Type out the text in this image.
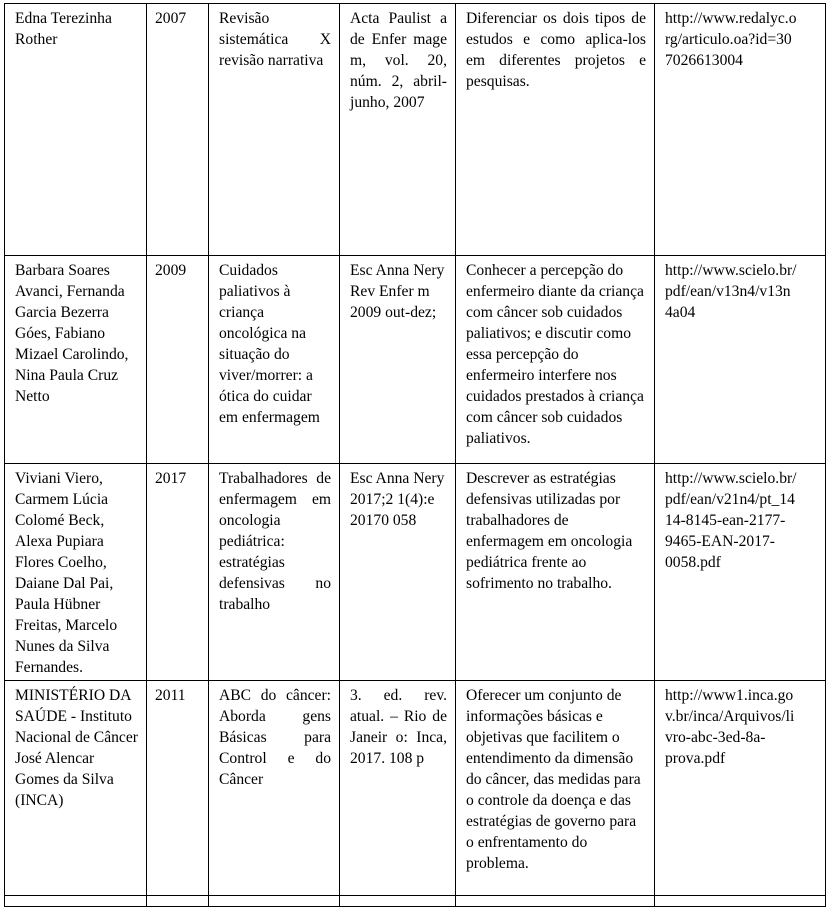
Edna Terezinha Rother	2007	Revisão sistemática X revisão narrativa	Acta Paulist a de Enfer mage m, vol. 20, núm. 2, abril-junho, 2007	Diferenciar os dois tipos de estudos e como aplica-los em diferentes projetos e pesquisas.	http://www.redalyc.o rg/articulo.oa?id=30 7026613004
Barbara Soares Avanci, Fernanda Garcia Bezerra Góes, Fabiano Mizael Carolindo, Nina Paula Cruz Netto	2009	Cuidados paliativos à criança oncológica na situação do viver/morrer: a ótica do cuidar em enfermagem	Esc Anna Nery Rev Enfer m 2009 out-dez;	Conhecer a percepção do enfermeiro diante da criança com câncer sob cuidados paliativos; e discutir como essa percepção do enfermeiro interfere nos cuidados prestados à criança com câncer sob cuidados paliativos.	http://www.scielo.br/ pdf/ean/v13n4/v13n 4a04
Viviani Viero, Carmem Lúcia Colomé Beck, Alexa Pupiara Flores Coelho, Daiane Dal Pai, Paula Hübner Freitas, Marcelo Nunes da Silva Fernandes.	2017	Trabalhadores de enfermagem em oncologia pediátrica: estratégias defensivas no trabalho	Esc Anna Nery 2017;2 1(4):e 20170 058	Descrever as estratégias defensivas utilizadas por trabalhadores de enfermagem em oncologia pediátrica frente ao sofrimento no trabalho.	http://www.scielo.br/ pdf/ean/v21n4/pt_14 14-8145-ean-2177- 9465-EAN-2017- 0058.pdf
MINISTÉRIO DA SAÚDE - Instituto Nacional de Câncer José Alencar Gomes da Silva (INCA)	2011	ABC do câncer: Aborda gens Básicas para Control e do Câncer	3. ed. rev. atual. – Rio de Janeir o: Inca, 2017. 108 p	Oferecer um conjunto de informações básicas e objetivas que facilitem o entendimento da dimensão do câncer, das medidas para o controle da doença e das estratégias de governo para o enfrentamento do problema.	http://www1.inca.go v.br/inca/Arquivos/li vro-abc-3ed-8a- prova.pdf
